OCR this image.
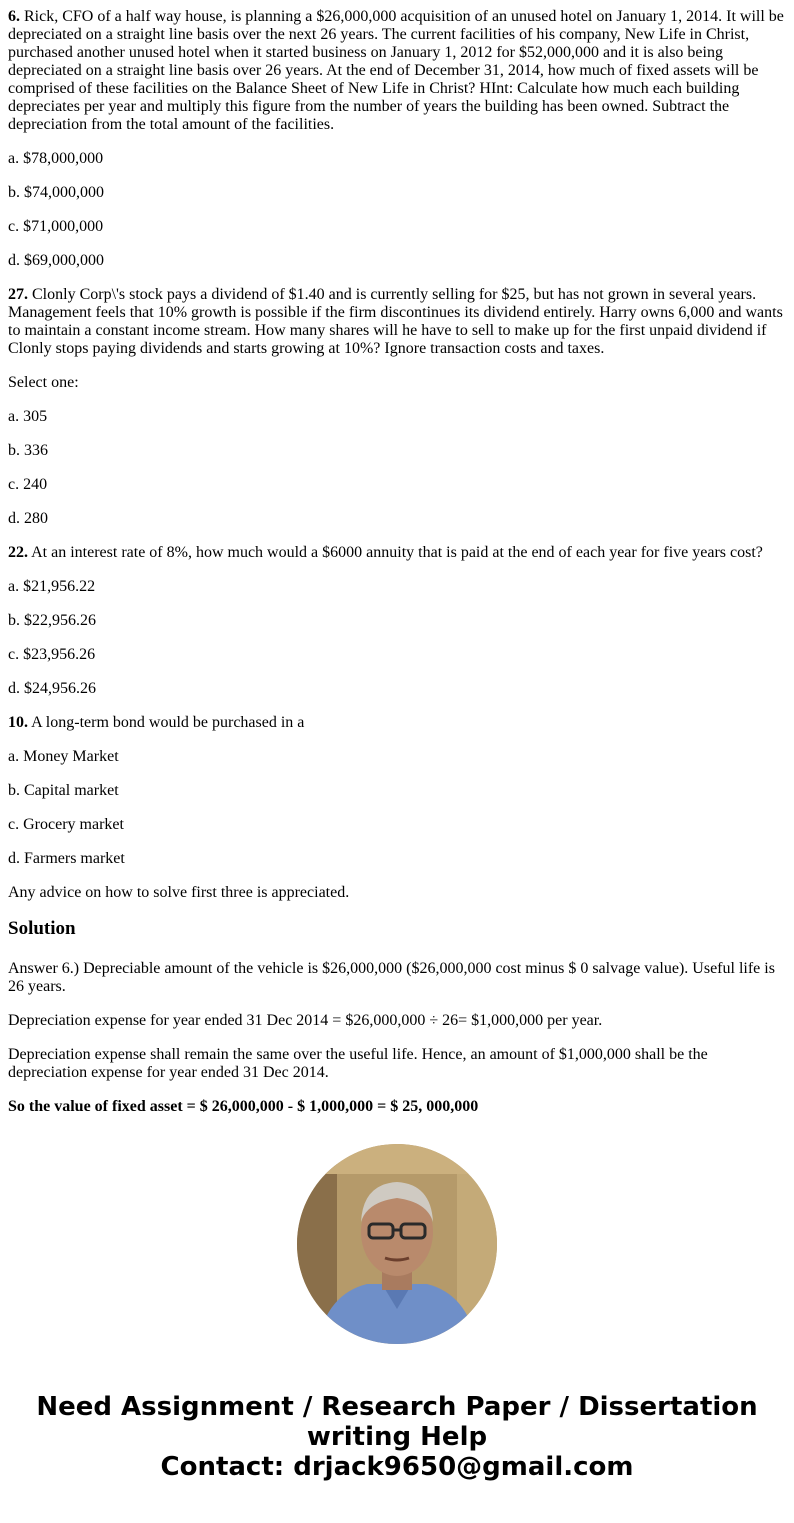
6. Rick, CFO of a half way house, is planning a $26,000,000 acquisition of an unused hotel on January 1, 2014. It will be depreciated on a straight line basis over the next 26 years. The current facilities of his company, New Life in Christ, purchased another unused hotel when it started business on January 1, 2012 for $52,000,000 and it is also being depreciated on a straight line basis over 26 years. At the end of December 31, 2014, how much of fixed assets will be comprised of these facilities on the Balance Sheet of New Life in Christ? HInt: Calculate how much each building depreciates per year and multiply this figure from the number of years the building has been owned. Subtract the depreciation from the total amount of the facilities.

a. $78,000,000

b. $74,000,000

c. $71,000,000

d. $69,000,000

27. Clonly Corp\'s stock pays a dividend of $1.40 and is currently selling for $25, but has not grown in several years. Management feels that 10% growth is possible if the firm discontinues its dividend entirely. Harry owns 6,000 and wants to maintain a constant income stream. How many shares will he have to sell to make up for the first unpaid dividend if Clonly stops paying dividends and starts growing at 10%? Ignore transaction costs and taxes.

Select one:

a. 305

b. 336

c. 240

d. 280

22. At an interest rate of 8%, how much would a $6000 annuity that is paid at the end of each year for five years cost?

a. $21,956.22

b. $22,956.26

c. $23,956.26

d. $24,956.26

10. A long-term bond would be purchased in a

a. Money Market

b. Capital market

c. Grocery market

d. Farmers market

Any advice on how to solve first three is appreciated.

Solution

Answer 6.) Depreciable amount of the vehicle is $26,000,000 ($26,000,000 cost minus $ 0 salvage value). Useful life is 26 years.

Depreciation expense for year ended 31 Dec 2014 = $26,000,000 ÷ 26= $1,000,000 per year.

Depreciation expense shall remain the same over the useful life. Hence, an amount of $1,000,000 shall be the depreciation expense for year ended 31 Dec 2014.

So the value of fixed asset = $ 26,000,000 - $ 1,000,000 = $ 25, 000,000

Need Assignment / Research Paper / Dissertation
writing Help
Contact: drjack9650@gmail.com
